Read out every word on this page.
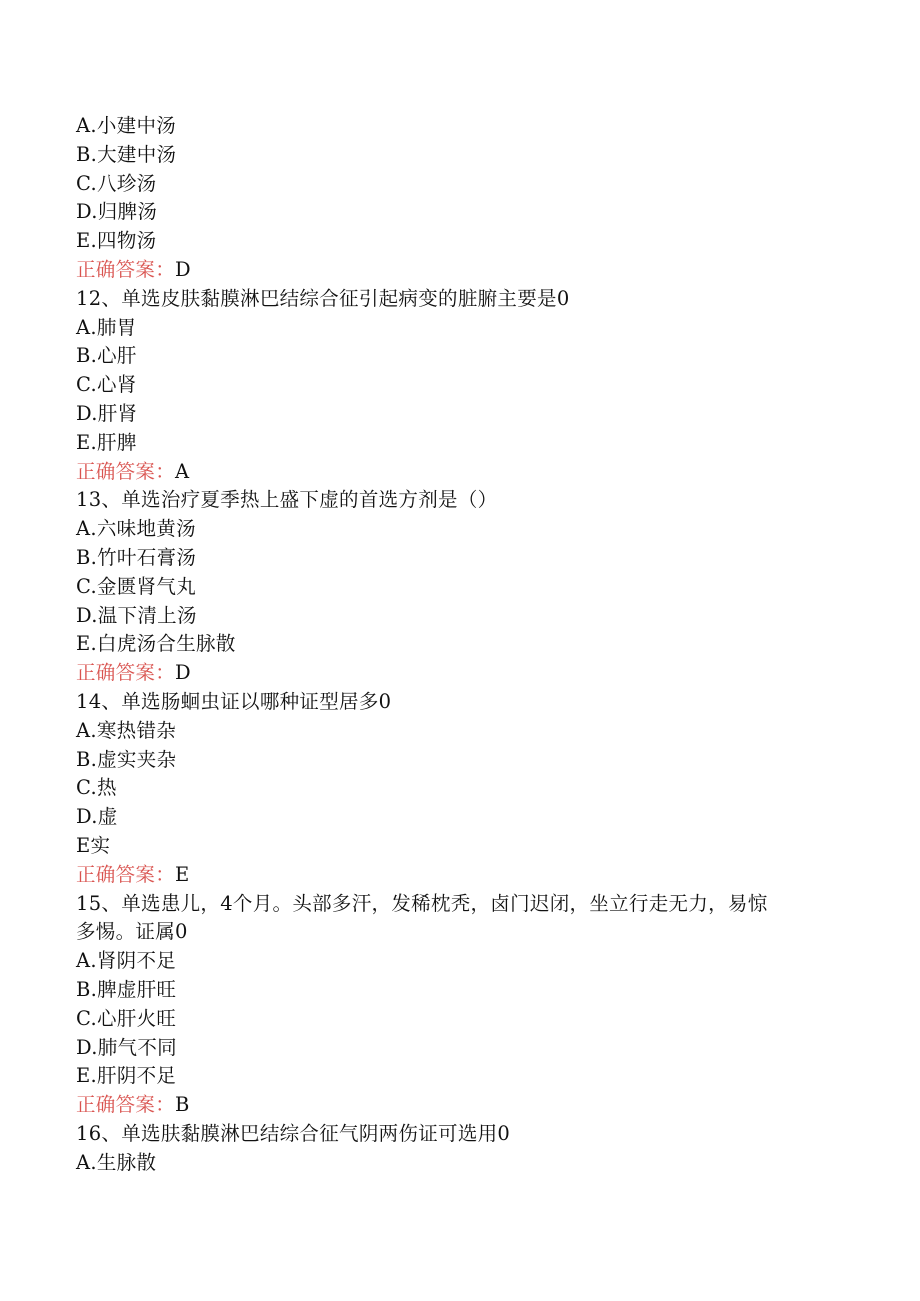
A.小建中汤
B.大建中汤
C.八珍汤
D.归脾汤
E.四物汤
正确答案：D
12、单选皮肤黏膜淋巴结综合征引起病变的脏腑主要是0
A.肺胃
B.心肝
C.心肾
D.肝肾
E.肝脾
正确答案：A
13、单选治疗夏季热上盛下虚的首选方剂是（）
A.六味地黄汤
B.竹叶石膏汤
C.金匮肾气丸
D.温下清上汤
E.白虎汤合生脉散
正确答案：D
14、单选肠蛔虫证以哪种证型居多0
A.寒热错杂
B.虚实夹杂
C.热
D.虚
E实
正确答案：E
15、单选患儿，4个月。头部多汗，发稀枕秃，卤门迟闭，坐立行走无力，易惊
多惕。证属0
A.肾阴不足
B.脾虚肝旺
C.心肝火旺
D.肺气不同
E.肝阴不足
正确答案：B
16、单选肤黏膜淋巴结综合征气阴两伤证可选用0
A.生脉散
